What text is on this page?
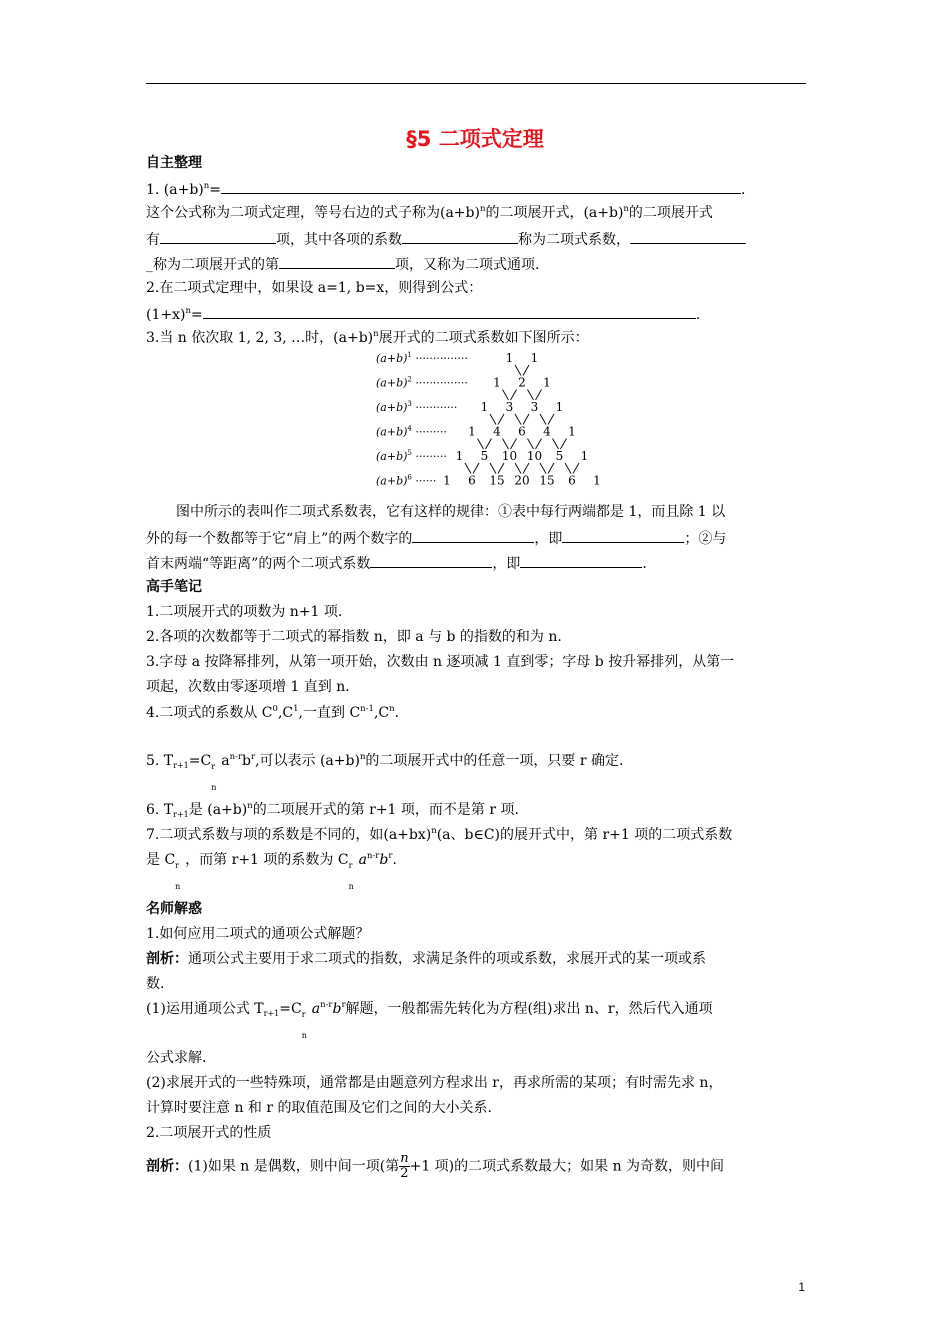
§5 二项式定理
自主整理
1. $(a+b)^n=$	.
这个公式称为二项式定理，等号右边的式子称为$(a+b)^n$的二项展开式，$(a+b)^n$的二项展开式
有	项，其中各项的系数	称为二项式系数，
_称为二项展开式的第	项，又称为二项式通项.
2.在二项式定理中，如果设 a=1, b=x，则得到公式：
$(1+x)^n=$	.
3.当 n 依次取 1, 2, 3, …时，$(a+b)^n$展开式的二项式系数如下图所示：
$(a+b)^1$ ···············	1 1
$(a+b)^2$ ··············· 1 2 1
$(a+b)^3$ ············ 1 3 3 1
$(a+b)^4$ ········· 1 4 6 4 1
$(a+b)^5$ ········· 1 5 10 10 5 1
$(a+b)^6$ ······ 1 6 15 20 15 6 1
图中所示的表叫作二项式系数表，它有这样的规律：①表中每行两端都是 1，而且除 1 以
外的每一个数都等于它“肩上”的两个数字的	，即	；②与
首末两端“等距离”的两个二项式系数	，即	.
高手笔记
1.二项展开式的项数为 n+1 项.
2.各项的次数都等于二项式的幂指数 n，即 a 与 b 的指数的和为 n.
3.字母 a 按降幂排列，从第一项开始，次数由 n 逐项减 1 直到零；字母 b 按升幂排列，从第一
项起，次数由零逐项增 1 直到 n.
4.二项式的系数从 $C^0,C^1$,一直到 $C^{n-1},C^n$.
5. $T_{r+1}=C$ r
n
$a^{n-r}b^r$,可以表示 $(a+b)^n$的二项展开式中的任意一项，只要 r 确定.
6. $T_{r+1}$是 $(a+b)^n$的二项展开式的第 r+1 项，而不是第 r 项.
7.二项式系数与项的系数是不同的，如$(a+bx)^n(a$、b∈C)的展开式中，第 r+1 项的二项式系数
是 C r
n
，而第 r+1 项的系数为 C r
n
$a^{n-r}b^r$.
名师解惑
1.如何应用二项式的通项公式解题？
剖析：通项公式主要用于求二项式的指数，求满足条件的项或系数，求展开式的某一项或系
数.
(1)运用通项公式 $T_{r+1}=C$ r
n
$a^{n-r}b^r$解题，一般都需先转化为方程(组)求出 n、r，然后代入通项
公式求解.
(2)求展开式的一些特殊项，通常都是由题意列方程求出 r，再求所需的某项；有时需先求 n，
计算时要注意 n 和 r 的取值范围及它们之间的大小关系.
2.二项展开式的性质
剖析：(1)如果 n 是偶数，则中间一项(第 $\frac{n}{2} +1$ 项)的二项式系数最大；如果 n 为奇数，则中间
1
